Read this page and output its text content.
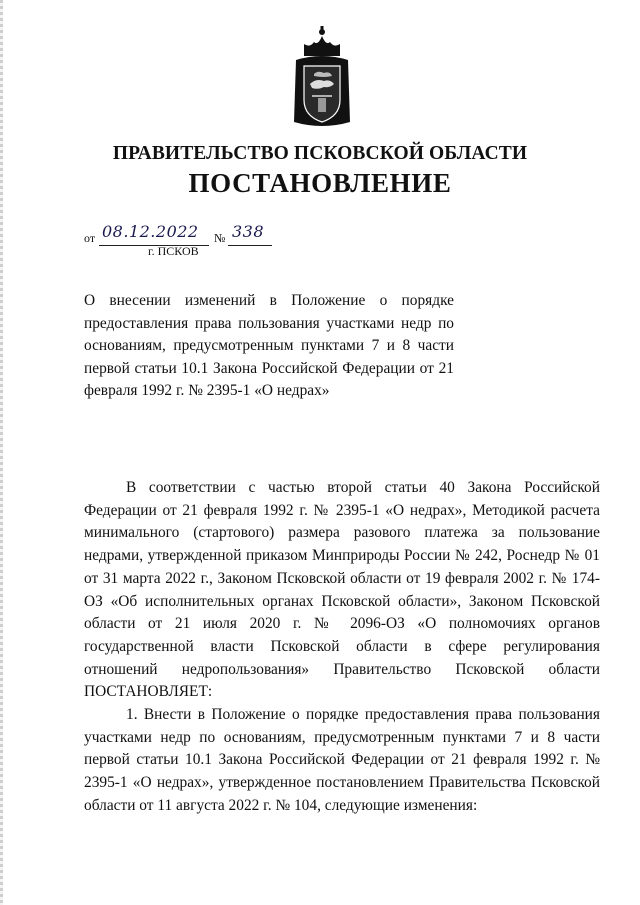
ПРАВИТЕЛЬСТВО ПСКОВСКОЙ ОБЛАСТИ
ПОСТАНОВЛЕНИЕ
от 08.12.2022 № 338
г. ПСКОВ
О внесении изменений в Положение о порядке предоставления права пользования участками недр по основаниям, предусмотренным пунктами 7 и 8 части первой статьи 10.1 Закона Российской Федерации от 21 февраля 1992 г. № 2395-1 «О недрах»

В соответствии с частью второй статьи 40 Закона Российской Федерации от 21 февраля 1992 г. № 2395-1 «О недрах», Методикой расчета минимального (стартового) размера разового платежа за пользование недрами, утвержденной приказом Минприроды России № 242, Роснедр № 01 от 31 марта 2022 г., Законом Псковской области от 19 февраля 2002 г. № 174-ОЗ «Об исполнительных органах Псковской области», Законом Псковской области от 21 июля 2020 г. № 2096-ОЗ «О полномочиях органов государственной власти Псковской области в сфере регулирования отношений недропользования» Правительство Псковской области ПОСТАНОВЛЯЕТ:

1. Внести в Положение о порядке предоставления права пользования участками недр по основаниям, предусмотренным пунктами 7 и 8 части первой статьи 10.1 Закона Российской Федерации от 21 февраля 1992 г. № 2395-1 «О недрах», утвержденное постановлением Правительства Псковской области от 11 августа 2022 г. № 104, следующие изменения:
